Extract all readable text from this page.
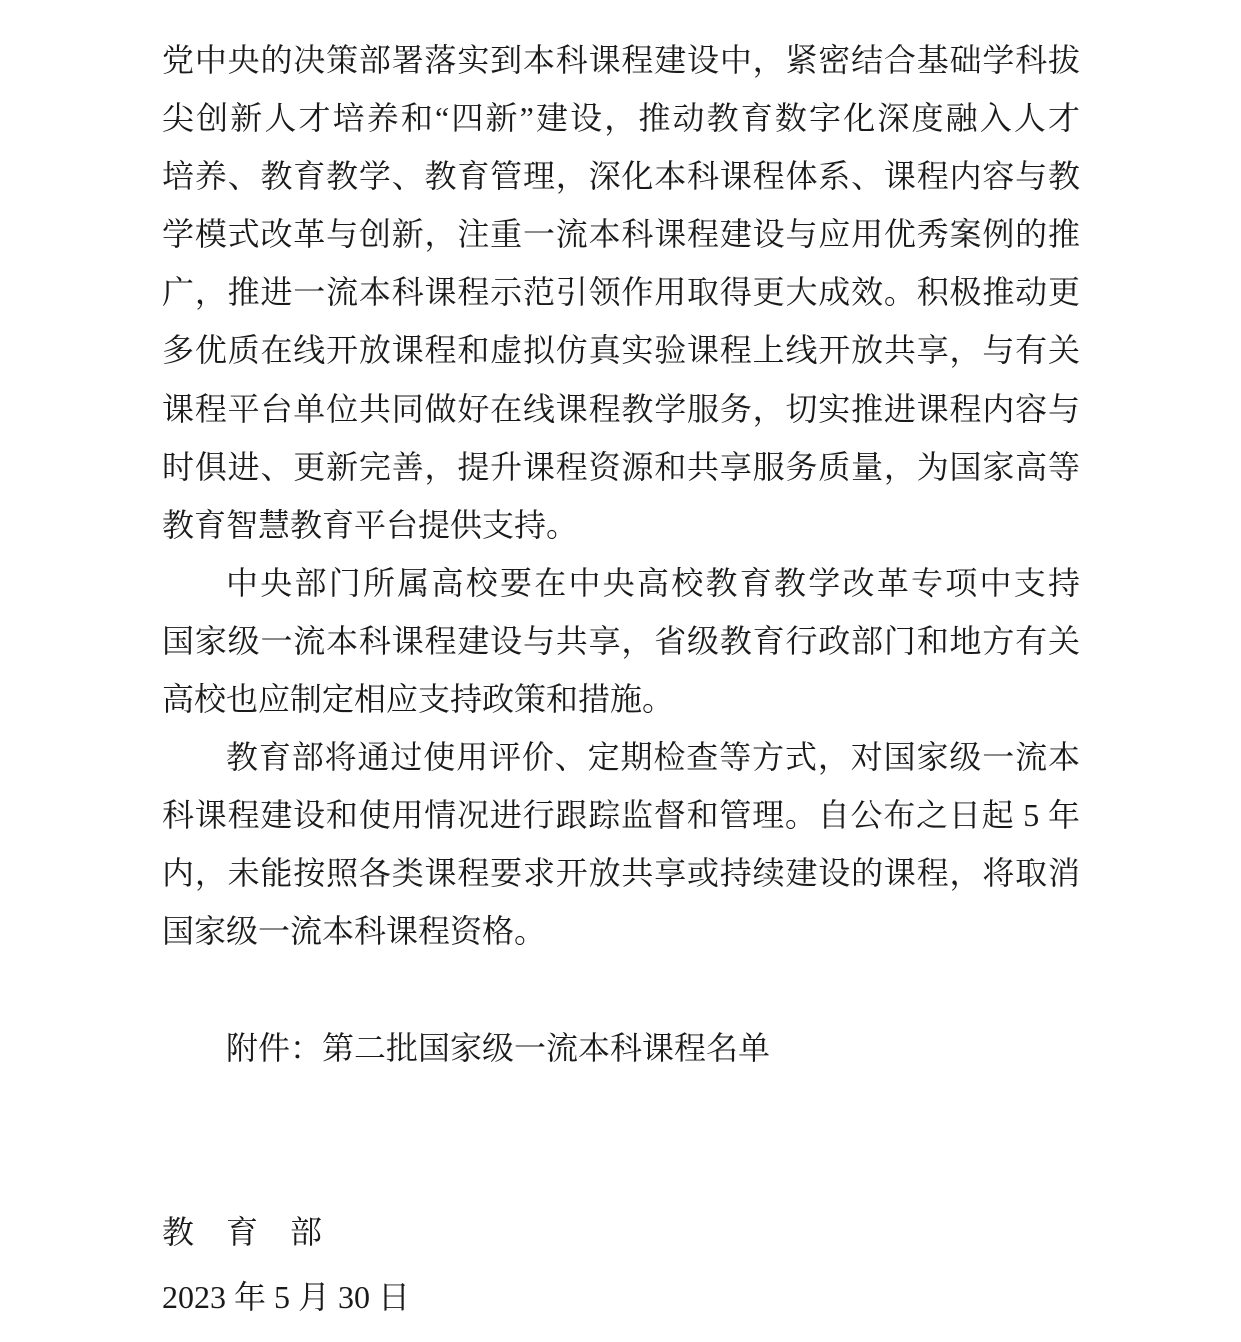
党中央的决策部署落实到本科课程建设中，紧密结合基础学科拔
尖创新人才培养和“四新”建设，推动教育数字化深度融入人才
培养、教育教学、教育管理，深化本科课程体系、课程内容与教
学模式改革与创新，注重一流本科课程建设与应用优秀案例的推
广，推进一流本科课程示范引领作用取得更大成效。积极推动更
多优质在线开放课程和虚拟仿真实验课程上线开放共享，与有关
课程平台单位共同做好在线课程教学服务，切实推进课程内容与
时俱进、更新完善，提升课程资源和共享服务质量，为国家高等
教育智慧教育平台提供支持。
中央部门所属高校要在中央高校教育教学改革专项中支持
国家级一流本科课程建设与共享，省级教育行政部门和地方有关
高校也应制定相应支持政策和措施。
教育部将通过使用评价、定期检查等方式，对国家级一流本
科课程建设和使用情况进行跟踪监督和管理。自公布之日起 5 年
内，未能按照各类课程要求开放共享或持续建设的课程，将取消
国家级一流本科课程资格。
附件：第二批国家级一流本科课程名单
教　育　部
2023 年 5 月 30 日
